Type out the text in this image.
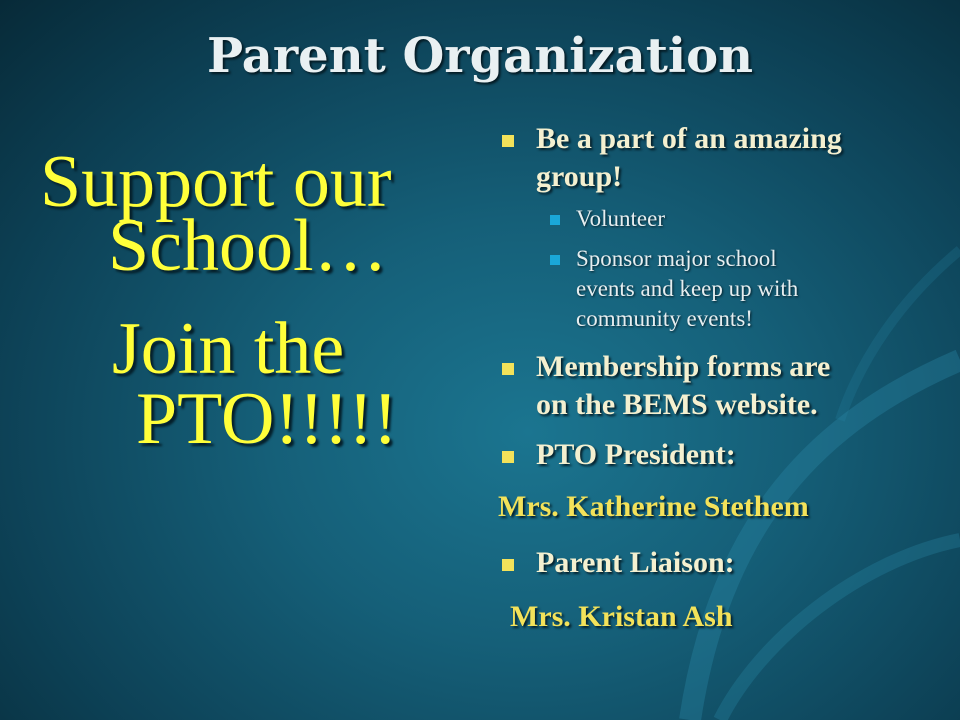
Parent Organization
Support our
School…
Join the
PTO!!!!!
Be a part of an amazing
group!
Volunteer
Sponsor major school
events and keep up with
community events!
Membership forms are
on the BEMS website.
PTO President:
Mrs. Katherine Stethem
Parent Liaison:
Mrs. Kristan Ash
